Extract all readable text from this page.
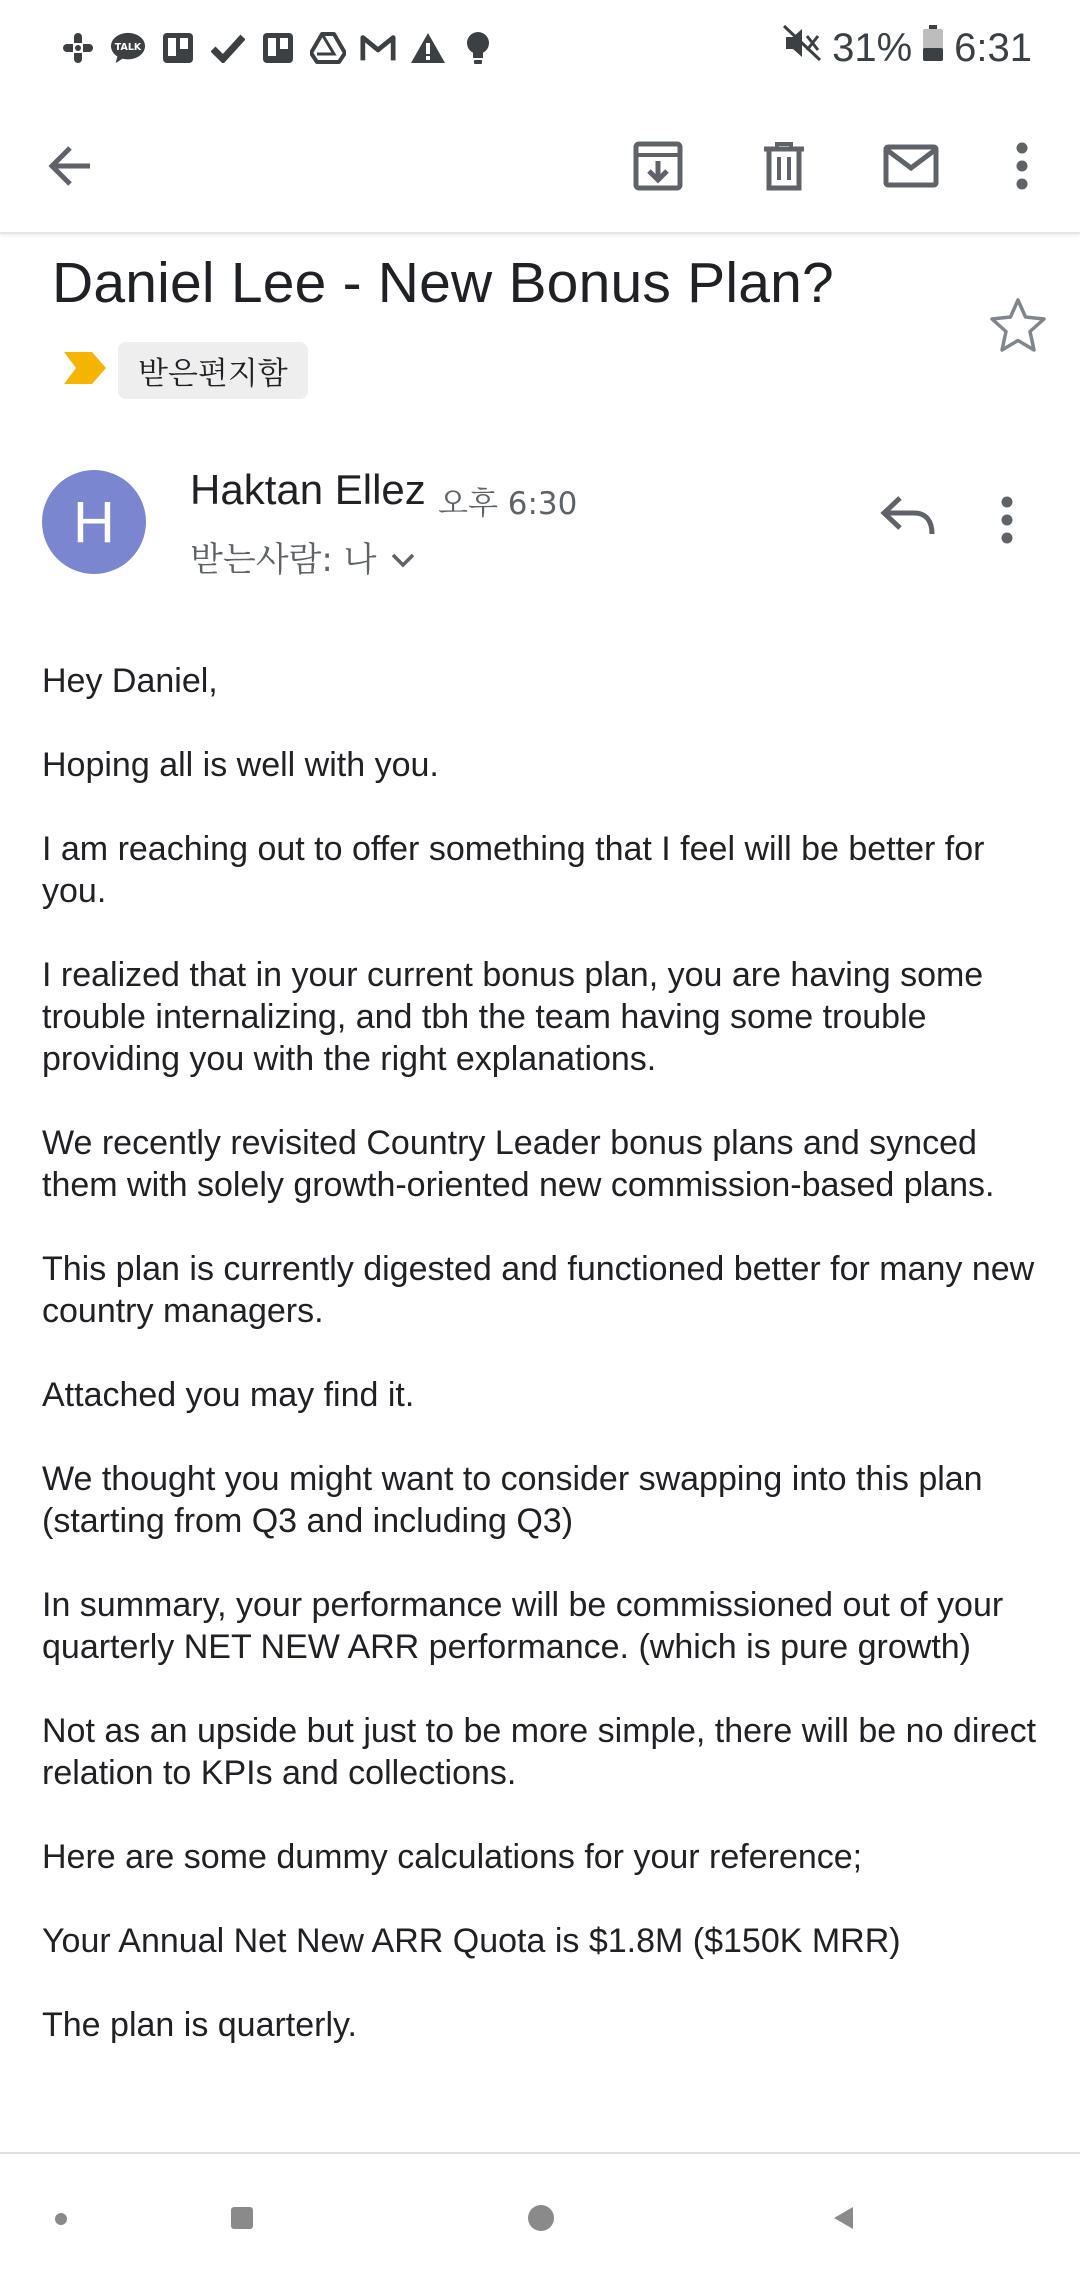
TALK	31% 6:31
Daniel Lee - New Bonus Plan?
받은편지함
H	Haktan Ellez 오후 6:30
받는사람: 나

Hey Daniel,

Hoping all is well with you.

I am reaching out to offer something that I feel will be better for you.

I realized that in your current bonus plan, you are having some trouble internalizing, and tbh the team having some trouble providing you with the right explanations.

We recently revisited Country Leader bonus plans and synced them with solely growth-oriented new commission-based plans.

This plan is currently digested and functioned better for many new country managers.

Attached you may find it.

We thought you might want to consider swapping into this plan (starting from Q3 and including Q3)

In summary, your performance will be commissioned out of your quarterly NET NEW ARR performance. (which is pure growth)

Not as an upside but just to be more simple, there will be no direct relation to KPIs and collections.

Here are some dummy calculations for your reference;

Your Annual Net New ARR Quota is $1.8M ($150K MRR)

The plan is quarterly.
